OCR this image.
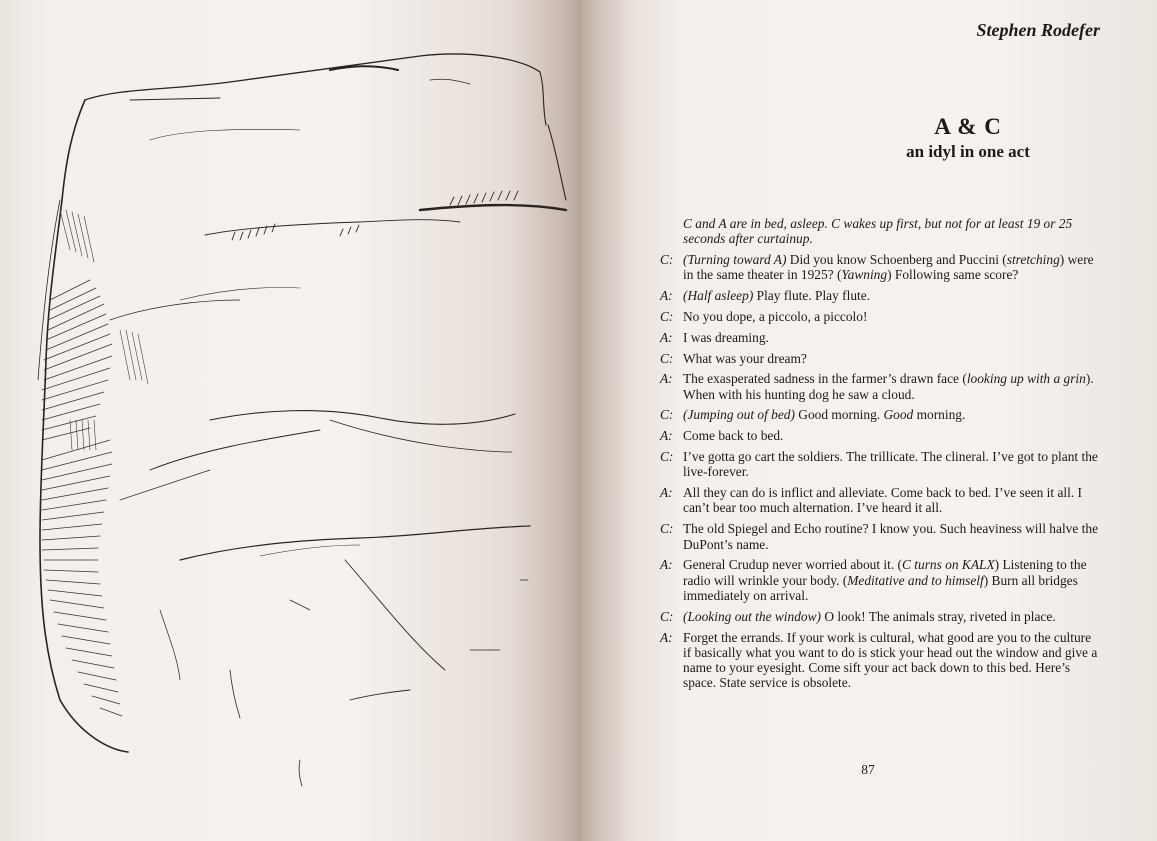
Stephen Rodefer
A & C
an idyl in one act

C and A are in bed, asleep. C wakes up first, but not for at least 19 or 25 seconds after curtainup.

C: (Turning toward A) Did you know Schoenberg and Puccini (stretching) were in the same theater in 1925? (Yawning) Following same score?
A: (Half asleep) Play flute. Play flute.
C: No you dope, a piccolo, a piccolo!
A: I was dreaming.
C: What was your dream?
A: The exasperated sadness in the farmer’s drawn face (looking up with a grin). When with his hunting dog he saw a cloud.
C: (Jumping out of bed) Good morning. Good morning.
A: Come back to bed.
C: I’ve gotta go cart the soldiers. The trillicate. The clineral. I’ve got to plant the live-forever.
A: All they can do is inflict and alleviate. Come back to bed. I’ve seen it all. I can’t bear too much alternation. I’ve heard it all.
C: The old Spiegel and Echo routine? I know you. Such heaviness will halve the DuPont’s name.
A: General Crudup never worried about it. (C turns on KALX) Listening to the radio will wrinkle your body. (Meditative and to himself) Burn all bridges immediately on arrival.
C: (Looking out the window) O look! The animals stray, riveted in place.
A: Forget the errands. If your work is cultural, what good are you to the culture if basically what you want to do is stick your head out the window and give a name to your eyesight. Come sift your act back down to this bed. Here’s space. State service is obsolete.

87
